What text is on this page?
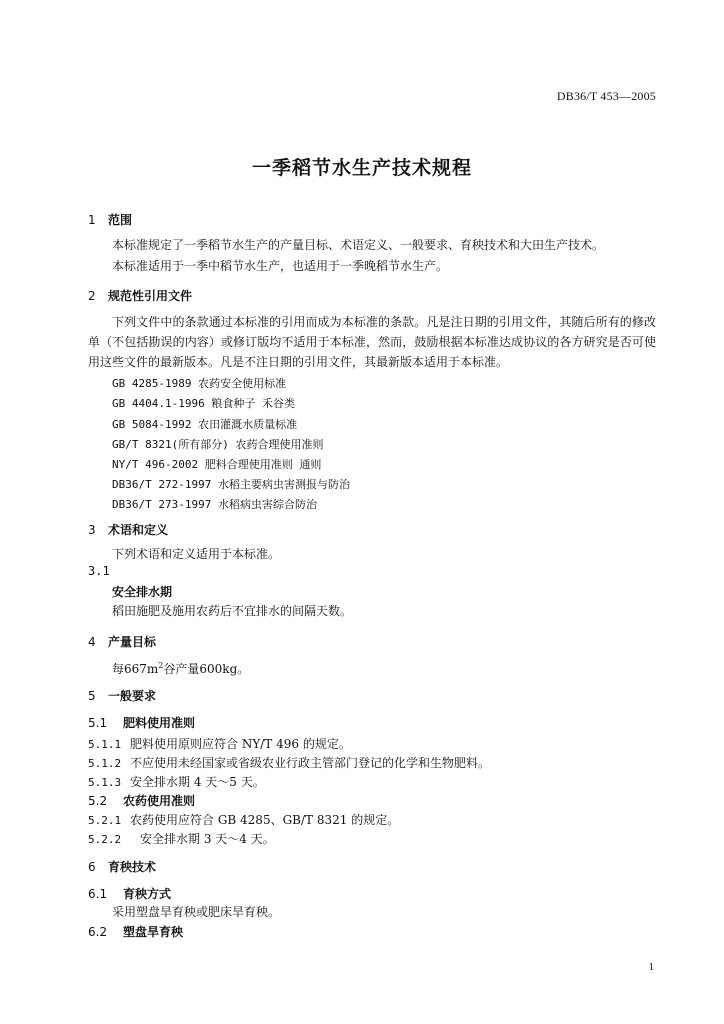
DB36/T 453—2005
一季稻节水生产技术规程
1 范围
本标准规定了一季稻节水生产的产量目标、术语定义、一般要求、育秧技术和大田生产技术。
本标准适用于一季中稻节水生产，也适用于一季晚稻节水生产。
2 规范性引用文件
下列文件中的条款通过本标准的引用而成为本标准的条款。凡是注日期的引用文件，其随后所有的修改单（不包括勘误的内容）或修订版均不适用于本标准，然而，鼓励根据本标准达成协议的各方研究是否可使用这些文件的最新版本。凡是不注日期的引用文件，其最新版本适用于本标准。
GB 4285-1989 农药安全使用标准
GB 4404.1-1996 粮食种子 禾谷类
GB 5084-1992 农田灌溉水质量标准
GB/T 8321(所有部分) 农药合理使用准则
NY/T 496-2002 肥料合理使用准则 通则
DB36/T 272-1997 水稻主要病虫害测报与防治
DB36/T 273-1997 水稻病虫害综合防治
3 术语和定义
下列术语和定义适用于本标准。
3.1
安全排水期
稻田施肥及施用农药后不宜排水的间隔天数。
4 产量目标
每$667m^2$谷产量600kg。
5 一般要求
5.1 肥料使用准则
5.1.1 肥料使用原则应符合 NY/T 496 的规定。
5.1.2 不应使用未经国家或省级农业行政主管部门登记的化学和生物肥料。
5.1.3 安全排水期 4 天～5 天。
5.2 农药使用准则
5.2.1 农药使用应符合 GB 4285、GB/T 8321 的规定。
5.2.2 安全排水期 3 天～4 天。
6 育秧技术
6.1 育秧方式
采用塑盘旱育秧或肥床旱育秧。
6.2 塑盘旱育秧
1
